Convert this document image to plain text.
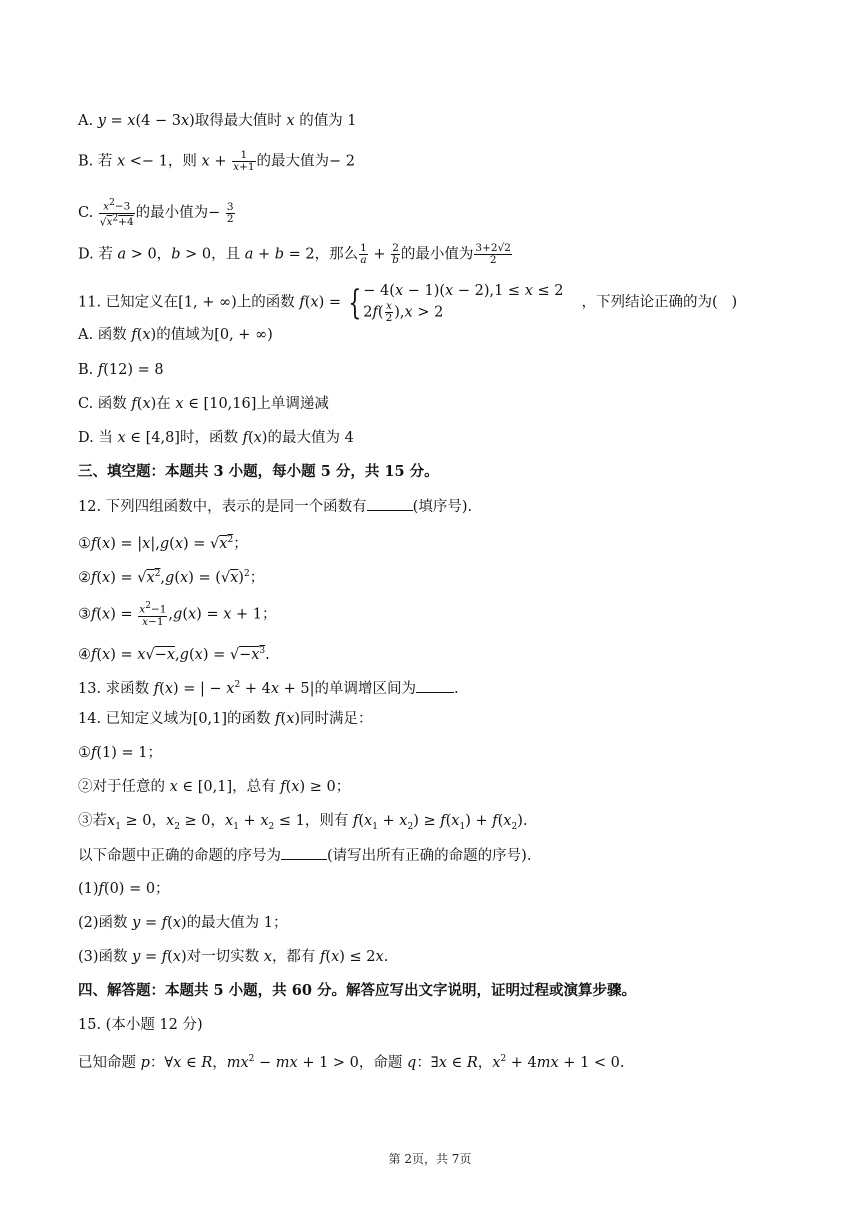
A. y = x(4 − 3x)取得最大值时 x 的值为 1
B. 若 x <− 1，则 $x + \frac{1}{x+1}$ 的最大值为− 2
C. $\frac{x^2-3}{√x^2+4}$ 的最小值为− $\frac{3}{2}$
D. 若 a > 0，b > 0，且 a + b = 2，那么 $\frac{1}{a} + \frac{2}{b}$ 的最小值为 $\frac{3+2√2}{2}$
11. 已知定义在[1, + ∞)上的函数 f(x) = { − 4(x − 1)(x − 2),1 ≤ x ≤ 2
$2f( \frac{x}{2} ),x > 2$
，下列结论正确的为(   )
A. 函数 f(x)的值域为[0, + ∞)
B. f(12) = 8
C. 函数 f(x)在 x ∈ [10,16]上单调递减
D. 当 x ∈ [4,8]时，函数 f(x)的最大值为 4
三、填空题：本题共 3 小题，每小题 5 分，共 15 分。
12. 下列四组函数中，表示的是同一个函数有	(填序号).
①f(x) = $|x|,g(x) = √x^2$；
②f(x) = $√x^2,g(x) = (√x)^2$；
③f(x) = $\frac{x^2-1}{x-1} ,g(x) = x + 1$；
④f(x) = $x√-x,g(x) = √-x^3$.
13. 求函数 f(x) = | − $x^2 + 4x + 5|$的单调增区间为	.
14. 已知定义域为[0,1]的函数 f(x)同时满足：
①f(1) = 1；
②对于任意的 x ∈ [0,1]，总有 f(x) ≥ 0；
③若$x_1 \ge 0$，$x_2 \ge 0$，$x_1 + x_2 \le 1$，则有 $f(x_1 + x_2) \ge f(x_1) + f(x_2)$.
以下命题中正确的命题的序号为	(请写出所有正确的命题的序号).
(1)f(0) = 0；
(2)函数 y = f(x)的最大值为 1；
(3)函数 y = f(x)对一切实数 x，都有 f(x) ≤ 2x.
四、解答题：本题共 5 小题，共 60 分。解答应写出文字说明，证明过程或演算步骤。
15. (本小题 12 分)
已知命题 p：∀x ∈ R，$mx^2$ − mx + 1 > 0，命题 q：∃x ∈ R，$x^2 + 4mx + 1 < 0$.
第 2页，共 7页
